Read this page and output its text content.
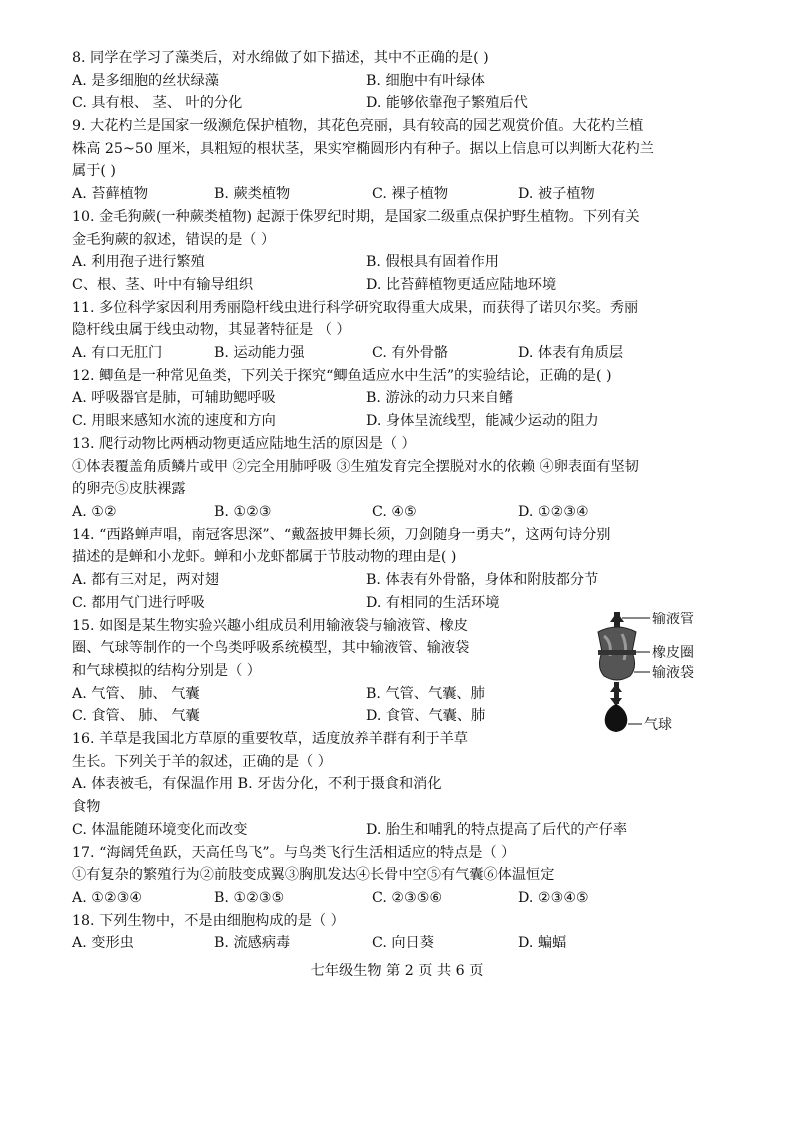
8. 同学在学习了藻类后，对水绵做了如下描述，其中不正确的是( )
A. 是多细胞的丝状绿藻	B. 细胞中有叶绿体
C. 具有根、 茎、 叶的分化	D. 能够依靠孢子繁殖后代
9. 大花杓兰是国家一级濒危保护植物，其花色亮丽，具有较高的园艺观赏价值。大花杓兰植
株高 25~50 厘米，具粗短的根状茎，果实窄椭圆形内有种子。据以上信息可以判断大花杓兰
属于( )
A. 苔藓植物	B. 蕨类植物	C. 裸子植物	D. 被子植物
10. 金毛狗蕨(一种蕨类植物) 起源于侏罗纪时期，是国家二级重点保护野生植物。下列有关
金毛狗蕨的叙述，错误的是（ ）
A. 利用孢子进行繁殖	B. 假根具有固着作用
C、根、茎、叶中有输导组织	D. 比苔藓植物更适应陆地环境
11. 多位科学家因利用秀丽隐杆线虫进行科学研究取得重大成果，而获得了诺贝尔奖。秀丽
隐杆线虫属于线虫动物，其显著特征是 （ ）
A. 有口无肛门	B. 运动能力强	C. 有外骨骼	D. 体表有角质层
12. 鲫鱼是一种常见鱼类，下列关于探究“鲫鱼适应水中生活”的实验结论，正确的是( )
A. 呼吸器官是肺，可辅助鳃呼吸	B. 游泳的动力只来自鳍
C. 用眼来感知水流的速度和方向	D. 身体呈流线型，能减少运动的阻力
13. 爬行动物比两栖动物更适应陆地生活的原因是（ ）
①体表覆盖角质鳞片或甲 ②完全用肺呼吸 ③生殖发育完全摆脱对水的依赖 ④卵表面有坚韧
的卵壳⑤皮肤裸露
A. ①②	B. ①②③	C. ④⑤	D. ①②③④
14. “西路蝉声唱，南冠客思深”、“戴盔披甲舞长须，刀剑随身一勇夫”，这两句诗分别
描述的是蝉和小龙虾。蝉和小龙虾都属于节肢动物的理由是( )
A. 都有三对足，两对翅	B. 体表有外骨骼，身体和附肢都分节
C. 都用气门进行呼吸	D. 有相同的生活环境
15. 如图是某生物实验兴趣小组成员利用输液袋与输液管、橡皮
圈、气球等制作的一个鸟类呼吸系统模型，其中输液管、输液袋
和气球模拟的结构分别是（ ）
A. 气管、 肺、 气囊	B. 气管、气囊、肺
C. 食管、 肺、 气囊	D. 食管、气囊、肺
16. 羊草是我国北方草原的重要牧草，适度放养羊群有利于羊草
生长。下列关于羊的叙述，正确的是（ ）
A. 体表被毛，有保温作用 B. 牙齿分化，不利于摄食和消化
食物
C. 体温能随环境变化而改变	D. 胎生和哺乳的特点提高了后代的产仔率
17. “海阔凭鱼跃，天高任鸟飞”。与鸟类飞行生活相适应的特点是（ ）
①有复杂的繁殖行为②前肢变成翼③胸肌发达④长骨中空⑤有气囊⑥体温恒定
A. ①②③④	B. ①②③⑤	C. ②③⑤⑥	D. ②③④⑤
18. 下列生物中，不是由细胞构成的是（ ）
A. 变形虫	B. 流感病毒	C. 向日葵	D. 蝙蝠
输液管
橡皮圈
输液袋
气球
七年级生物 第 2 页 共 6 页
